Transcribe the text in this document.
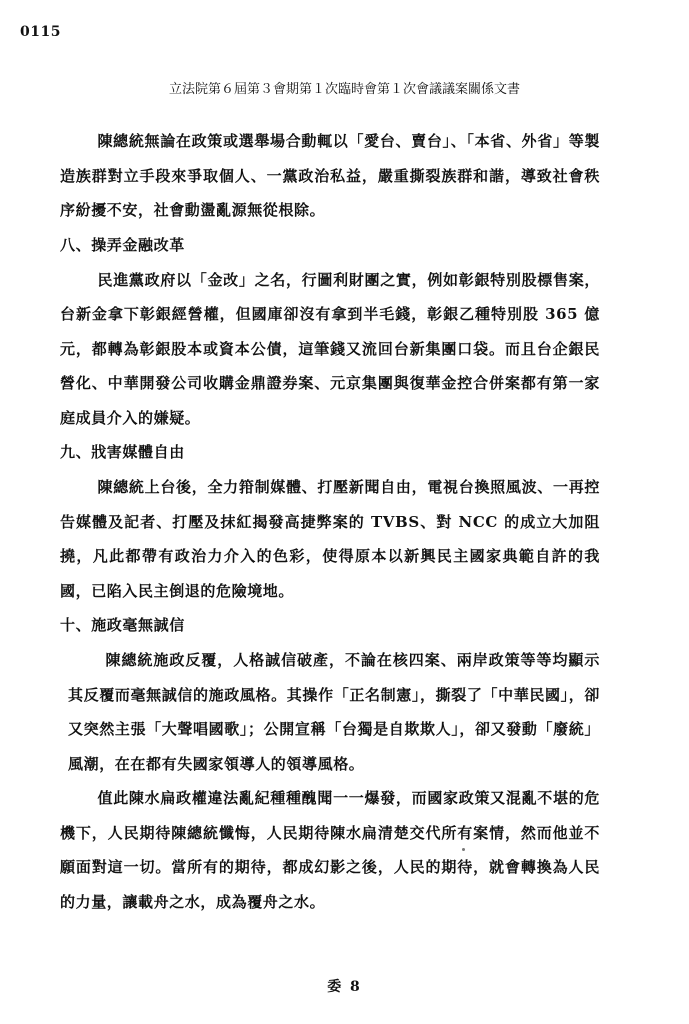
0115
立法院第６屆第３會期第１次臨時會第１次會議議案關係文書

陳總統無論在政策或選舉場合動輒以「愛台、賣台」、「本省、外省」等製造族群對立手段來爭取個人、一黨政治私益，嚴重撕裂族群和諧，導致社會秩序紛擾不安，社會動盪亂源無從根除。

八、操弄金融改革

民進黨政府以「金改」之名，行圖利財團之實，例如彰銀特別股標售案，台新金拿下彰銀經營權，但國庫卻沒有拿到半毛錢，彰銀乙種特別股 365 億元，都轉為彰銀股本或資本公債，這筆錢又流回台新集團口袋。而且台企銀民營化、中華開發公司收購金鼎證券案、元京集團與復華金控合併案都有第一家庭成員介入的嫌疑。

九、戕害媒體自由

陳總統上台後，全力箝制媒體、打壓新聞自由，電視台換照風波、一再控告媒體及記者、打壓及抹紅揭發高捷弊案的 TVBS、對 NCC 的成立大加阻撓，凡此都帶有政治力介入的色彩，使得原本以新興民主國家典範自許的我國，已陷入民主倒退的危險境地。

十、施政毫無誠信

陳總統施政反覆，人格誠信破產，不論在核四案、兩岸政策等等均顯示其反覆而毫無誠信的施政風格。其操作「正名制憲」，撕裂了「中華民國」，卻又突然主張「大聲唱國歌」；公開宣稱「台獨是自欺欺人」，卻又發動「廢統」風潮，在在都有失國家領導人的領導風格。

值此陳水扁政權違法亂紀種種醜聞一一爆發，而國家政策又混亂不堪的危機下，人民期待陳總統懺悔，人民期待陳水扁清楚交代所有案情，然而他並不願面對這一切。當所有的期待，都成幻影之後，人民的期待，就會轉換為人民的力量，讓載舟之水，成為覆舟之水。

委 8
